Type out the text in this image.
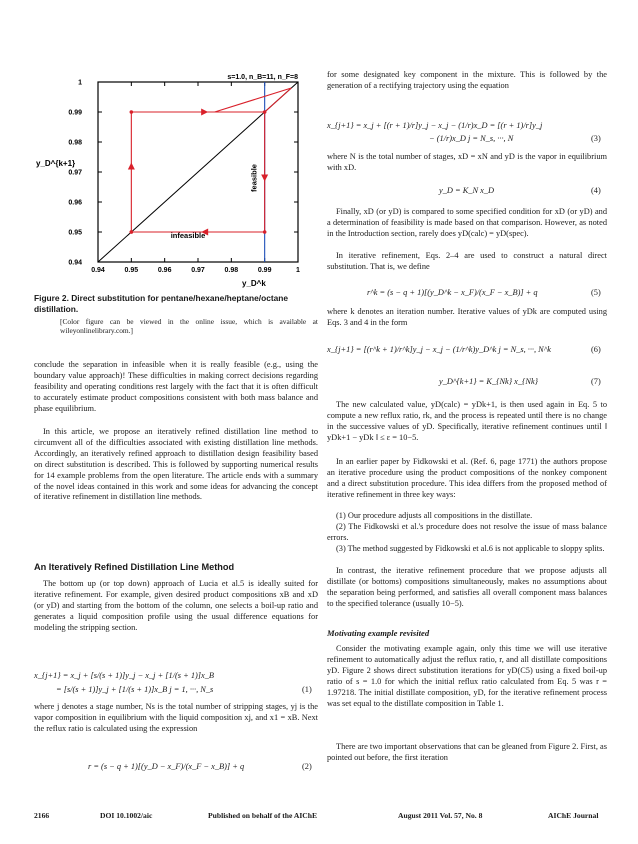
0.94	0.95	0.96	0.97	0.98	0.99	1
0.94
0.95
0.96
0.97
0.98
0.99
1
s=1.0, n_B=11, n_F=8
y_D^{k+1}
y_D^k
infeasible
feasible
Figure 2. Direct substitution for pentane/hexane/heptane/octane distillation.
[Color figure can be viewed in the online issue, which is available at wileyonlinelibrary.com.]

conclude the separation in infeasible when it is really feasible (e.g., using the boundary value approach)! These difficulties in making correct decisions regarding feasibility and operating conditions rest largely with the fact that it is often difficult to accurately estimate product compositions consistent with both mass balance and phase equilibrium.

In this article, we propose an iteratively refined distillation line method to circumvent all of the difficulties associated with existing distillation line methods. Accordingly, an iteratively refined approach to distillation design feasibility based on direct substitution is described. This is followed by supporting numerical results for 14 example problems from the open literature. The article ends with a summary of the novel ideas contained in this work and some ideas for advancing the concept of iterative refinement in distillation line methods.

An Iteratively Refined Distillation Line Method

The bottom up (or top down) approach of Lucia et al.5 is ideally suited for iterative refinement. For example, given desired product compositions xB and xD (or yD) and starting from the bottom of the column, one selects a boil-up ratio and generates a liquid composition profile using the usual difference equations for modeling the stripping section.

x_{j+1} = x_j + [s/(s + 1)]y_j − x_j + [1/(s + 1)]x_B
= [s/(s + 1)]y_j + [1/(s + 1)]x_B j = 1, ···, N_s	(1)

where j denotes a stage number, Ns is the total number of stripping stages, yj is the vapor composition in equilibrium with the liquid composition xj, and x1 = xB. Next the reflux ratio is calculated using the expression

r = (s − q + 1)[(y_D − x_F)/(x_F − x_B)] + q	(2)

for some designated key component in the mixture. This is followed by the generation of a rectifying trajectory using the equation

x_{j+1} = x_j + [(r + 1)/r]y_j − x_j − (1/r)x_D = [(r + 1)/r]y_j
− (1/r)x_D j = N_s, ···, N	(3)

where N is the total number of stages, xD = xN and yD is the vapor in equilibrium with xD.

y_D = K_N x_D	(4)

Finally, xD (or yD) is compared to some specified condition for xD (or yD) and a determination of feasibility is made based on that comparison. However, as noted in the Introduction section, rarely does yD(calc) = yD(spec).

In iterative refinement, Eqs. 2–4 are used to construct a natural direct substitution. That is, we define

r^k = (s − q + 1)[(y_D^k − x_F)/(x_F − x_B)] + q	(5)

where k denotes an iteration number. Iterative values of yDk are computed using Eqs. 3 and 4 in the form

x_{j+1} = [(r^k + 1)/r^k]y_j − x_j − (1/r^k)y_D^k j = N_s, ···, N^k	(6)
y_D^{k+1} = K_{Nk} x_{Nk}	(7)

The new calculated value, yD(calc) = yDk+1, is then used again in Eq. 5 to compute a new reflux ratio, rk, and the process is repeated until there is no change in the successive values of yD. Specifically, iterative refinement continues until ‖ yDk+1 − yDk ‖ ≤ ε = 10−5.

In an earlier paper by Fidkowski et al. (Ref. 6, page 1771) the authors propose an iterative procedure using the product compositions of the nonkey component and a direct substitution procedure. This idea differs from the proposed method of iterative refinement in three key ways:

(1) Our procedure adjusts all compositions in the distillate.

(2) The Fidkowski et al.'s procedure does not resolve the issue of mass balance errors.

(3) The method suggested by Fidkowski et al.6 is not applicable to sloppy splits.

In contrast, the iterative refinement procedure that we propose adjusts all distillate (or bottoms) compositions simultaneously, makes no assumptions about the separation being performed, and satisfies all overall component mass balances to the specified tolerance (usually 10−5).

Motivating example revisited

Consider the motivating example again, only this time we will use iterative refinement to automatically adjust the reflux ratio, r, and all distillate compositions yD. Figure 2 shows direct substitution iterations for yD(C5) using a fixed boil-up ratio of s = 1.0 for which the initial reflux ratio calculated from Eq. 5 was r = 1.97218. The initial distillate composition, yD, for the iterative refinement process was set equal to the distillate composition in Table 1.

There are two important observations that can be gleaned from Figure 2. First, as pointed out before, the first iteration

2166	DOI 10.1002/aic	Published on behalf of the AIChE	August 2011 Vol. 57, No. 8	AIChE Journal
